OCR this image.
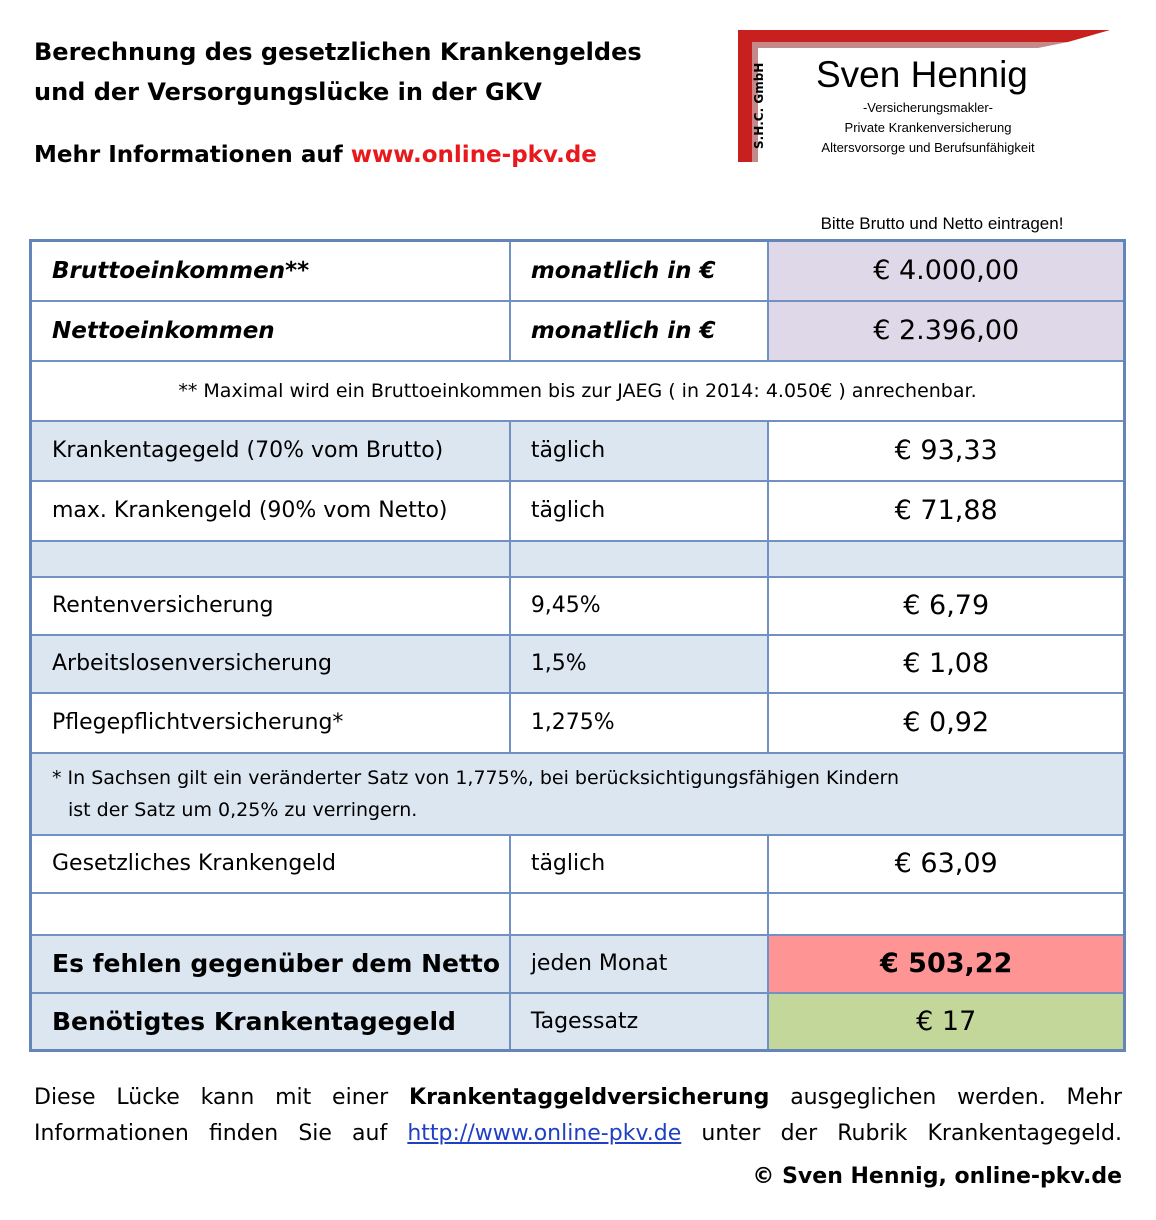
Berechnung des gesetzlichen Krankengeldes
und der Versorgungslücke in der GKV
Mehr Informationen auf www.online-pkv.de
S.H.C. GmbH	Sven Hennig
-Versicherungsmakler-
Private Krankenversicherung
Altersvorsorge und Berufsunfähigkeit
Bitte Brutto und Netto eintragen!
Bruttoeinkommen**	monatlich in €	€ 4.000,00
Nettoeinkommen	monatlich in €	€ 2.396,00
** Maximal wird ein Bruttoeinkommen bis zur JAEG ( in 2014: 4.050€ ) anrechenbar.		
Krankentagegeld (70% vom Brutto)	täglich	€ 93,33
max. Krankengeld (90% vom Netto)	täglich	€ 71,88

Rentenversicherung	9,45%	€ 6,79
Arbeitslosenversicherung	1,5%	€ 1,08
Pflegepflichtversicherung*	1,275%	€ 0,92

* In Sachsen gilt ein veränderter Satz von 1,775%, bei berücksichtigungsfähigen Kindern
ist der Satz um 0,25% zu verringern.		

Gesetzliches Krankengeld	täglich	€ 63,09

Es fehlen gegenüber dem Netto	jeden Monat	€ 503,22
Benötigtes Krankentagegeld	Tagessatz	€ 17
Diese Lücke kann mit einer Krankentaggeldversicherung ausgeglichen werden. Mehr Informationen finden Sie auf http://www.online-pkv.de unter der Rubrik Krankentagegeld.
© Sven Hennig, online-pkv.de
